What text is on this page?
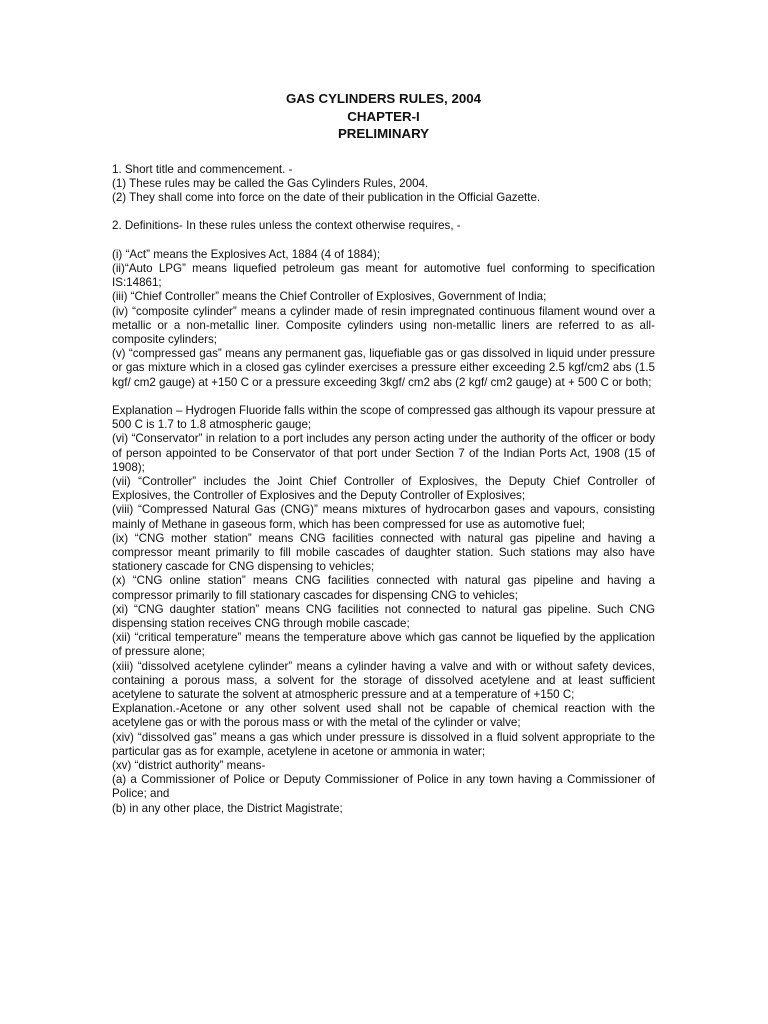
GAS CYLINDERS RULES, 2004

CHAPTER-I

PRELIMINARY

1. Short title and commencement. -

(1) These rules may be called the Gas Cylinders Rules, 2004.

(2) They shall come into force on the date of their publication in the Official Gazette.

2. Definitions- In these rules unless the context otherwise requires, -

(i) “Act” means the Explosives Act, 1884 (4 of 1884);

(ii)“Auto LPG” means liquefied petroleum gas meant for automotive fuel conforming to specification IS:14861;

(iii) “Chief Controller” means the Chief Controller of Explosives, Government of India;

(iv) “composite cylinder” means a cylinder made of resin impregnated continuous filament wound over a metallic or a non-metallic liner. Composite cylinders using non-metallic liners are referred to as all-composite cylinders;

(v) “compressed gas” means any permanent gas, liquefiable gas or gas dissolved in liquid under pressure or gas mixture which in a closed gas cylinder exercises a pressure either exceeding 2.5 kgf/cm2 abs (1.5 kgf/ cm2 gauge) at +150 C or a pressure exceeding 3kgf/ cm2 abs (2 kgf/ cm2 gauge) at + 500 C or both;

Explanation – Hydrogen Fluoride falls within the scope of compressed gas although its vapour pressure at 500 C is 1.7 to 1.8 atmospheric gauge;

(vi) “Conservator” in relation to a port includes any person acting under the authority of the officer or body of person appointed to be Conservator of that port under Section 7 of the Indian Ports Act, 1908 (15 of 1908);

(vii) “Controller” includes the Joint Chief Controller of Explosives, the Deputy Chief Controller of Explosives, the Controller of Explosives and the Deputy Controller of Explosives;

(viii) “Compressed Natural Gas (CNG)” means mixtures of hydrocarbon gases and vapours, consisting mainly of Methane in gaseous form, which has been compressed for use as automotive fuel;

(ix) “CNG mother station” means CNG facilities connected with natural gas pipeline and having a compressor meant primarily to fill mobile cascades of daughter station. Such stations may also have stationery cascade for CNG dispensing to vehicles;

(x) “CNG online station” means CNG facilities connected with natural gas pipeline and having a compressor primarily to fill stationary cascades for dispensing CNG to vehicles;

(xi) “CNG daughter station” means CNG facilities not connected to natural gas pipeline. Such CNG dispensing station receives CNG through mobile cascade;

(xii) “critical temperature” means the temperature above which gas cannot be liquefied by the application of pressure alone;

(xiii) “dissolved acetylene cylinder” means a cylinder having a valve and with or without safety devices, containing a porous mass, a solvent for the storage of dissolved acetylene and at least sufficient acetylene to saturate the solvent at atmospheric pressure and at a temperature of +150 C;

Explanation.-Acetone or any other solvent used shall not be capable of chemical reaction with the acetylene gas or with the porous mass or with the metal of the cylinder or valve;

(xiv) “dissolved gas” means a gas which under pressure is dissolved in a fluid solvent appropriate to the particular gas as for example, acetylene in acetone or ammonia in water;

(xv) “district authority” means-

(a) a Commissioner of Police or Deputy Commissioner of Police in any town having a Commissioner of Police; and

(b) in any other place, the District Magistrate;
